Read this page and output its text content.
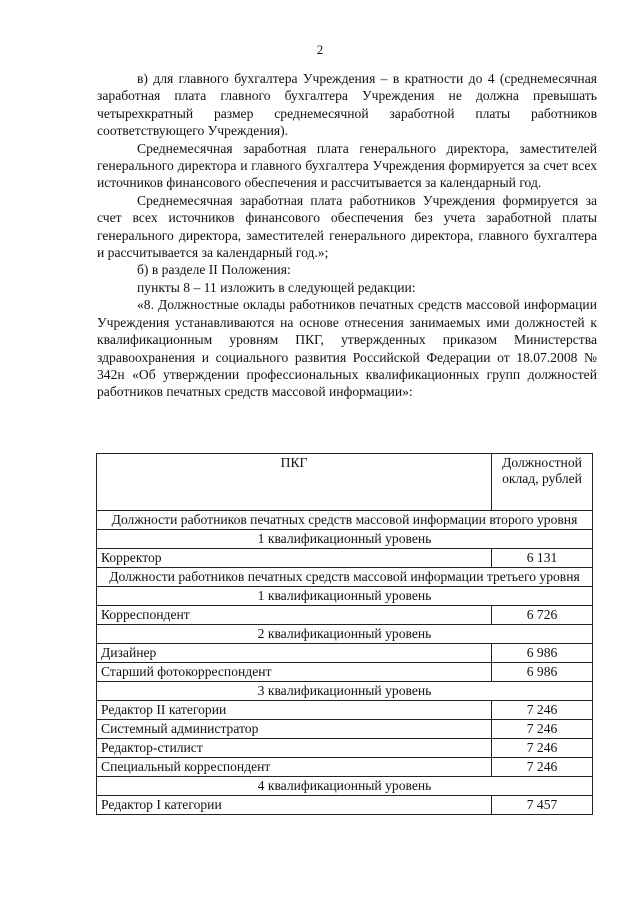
2

в) для главного бухгалтера Учреждения – в кратности до 4 (среднемесячная заработная плата главного бухгалтера Учреждения не должна превышать четырехкратный размер среднемесячной заработной платы работников соответствующего Учреждения).

Среднемесячная заработная плата генерального директора, заместителей генерального директора и главного бухгалтера Учреждения формируется за счет всех источников финансового обеспечения и рассчитывается за календарный год.

Среднемесячная заработная плата работников Учреждения формируется за счет всех источников финансового обеспечения без учета заработной платы генерального директора, заместителей генерального директора, главного бухгалтера и рассчитывается за календарный год.»;

б) в разделе II Положения:

пункты 8 – 11 изложить в следующей редакции:

«8. Должностные оклады работников печатных средств массовой информации Учреждения устанавливаются на основе отнесения занимаемых ими должностей к квалификационным уровням ПКГ, утвержденных приказом Министерства здравоохранения и социального развития Российской Федерации от 18.07.2008 № 342н «Об утверждении профессиональных квалификационных групп должностей работников печатных средств массовой информации»:

ПКГ	Должностной оклад, рублей
Должности работников печатных средств массовой информации второго уровня	
1 квалификационный уровень	
Корректор	6 131
Должности работников печатных средств массовой информации третьего уровня	
1 квалификационный уровень	
Корреспондент	6 726
2 квалификационный уровень	
Дизайнер	6 986
Старший фотокорреспондент	6 986
3 квалификационный уровень	
Редактор II категории	7 246
Системный администратор	7 246
Редактор-стилист	7 246
Специальный корреспондент	7 246
4 квалификационный уровень	
Редактор I категории	7 457
